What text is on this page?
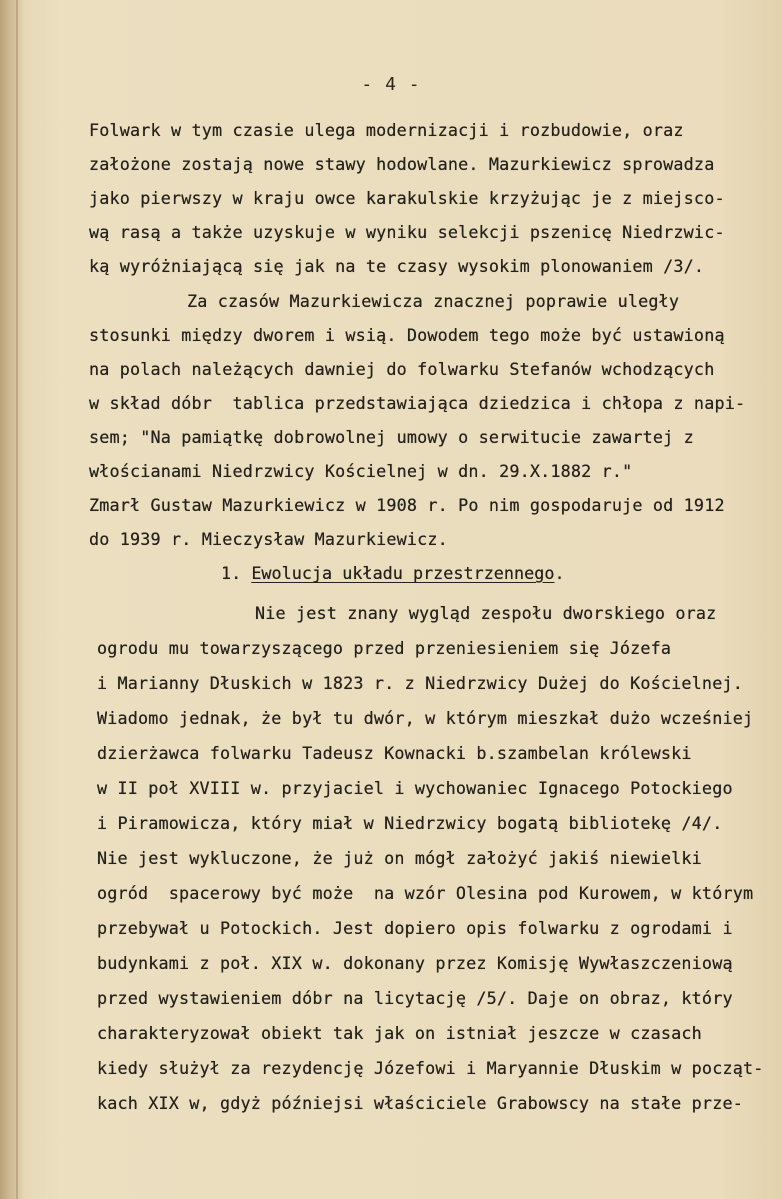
- 4 -
Folwark w tym czasie ulega modernizacji i rozbudowie, oraz
założone zostają nowe stawy hodowlane. Mazurkiewicz sprowadza
jako pierwszy w kraju owce karakulskie krzyżując je z miejsco-
wą rasą a także uzyskuje w wyniku selekcji pszenicę Niedrzwic-
ką wyróżniającą się jak na te czasy wysokim plonowaniem /3/.
Za czasów Mazurkiewicza znacznej poprawie uległy
stosunki między dworem i wsią. Dowodem tego może być ustawioną
na polach należących dawniej do folwarku Stefanów wchodzących
w skład dóbr  tablica przedstawiająca dziedzica i chłopa z napi-
sem; "Na pamiątkę dobrowolnej umowy o serwitucie zawartej z
włościanami Niedrzwicy Kościelnej w dn. 29.X.1882 r."
Zmarł Gustaw Mazurkiewicz w 1908 r. Po nim gospodaruje od 1912
do 1939 r. Mieczysław Mazurkiewicz.
1. Ewolucja układu przestrzennego.
Nie jest znany wygląd zespołu dworskiego oraz
ogrodu mu towarzyszącego przed przeniesieniem się Józefa
i Marianny Dłuskich w 1823 r. z Niedrzwicy Dużej do Kościelnej.
Wiadomo jednak, że był tu dwór, w którym mieszkał dużo wcześniej
dzierżawca folwarku Tadeusz Kownacki b.szambelan królewski
w II poł XVIII w. przyjaciel i wychowaniec Ignacego Potockiego
i Piramowicza, który miał w Niedrzwicy bogatą bibliotekę /4/.
Nie jest wykluczone, że już on mógł założyć jakiś niewielki
ogród  spacerowy być może  na wzór Olesina pod Kurowem, w którym
przebywał u Potockich. Jest dopiero opis folwarku z ogrodami i
budynkami z poł. XIX w. dokonany przez Komisję Wywłaszczeniową
przed wystawieniem dóbr na licytację /5/. Daje on obraz, który
charakteryzował obiekt tak jak on istniał jeszcze w czasach
kiedy służył za rezydencję Józefowi i Maryannie Dłuskim w począt-
kach XIX w, gdyż późniejsi właściciele Grabowscy na stałe prze-
